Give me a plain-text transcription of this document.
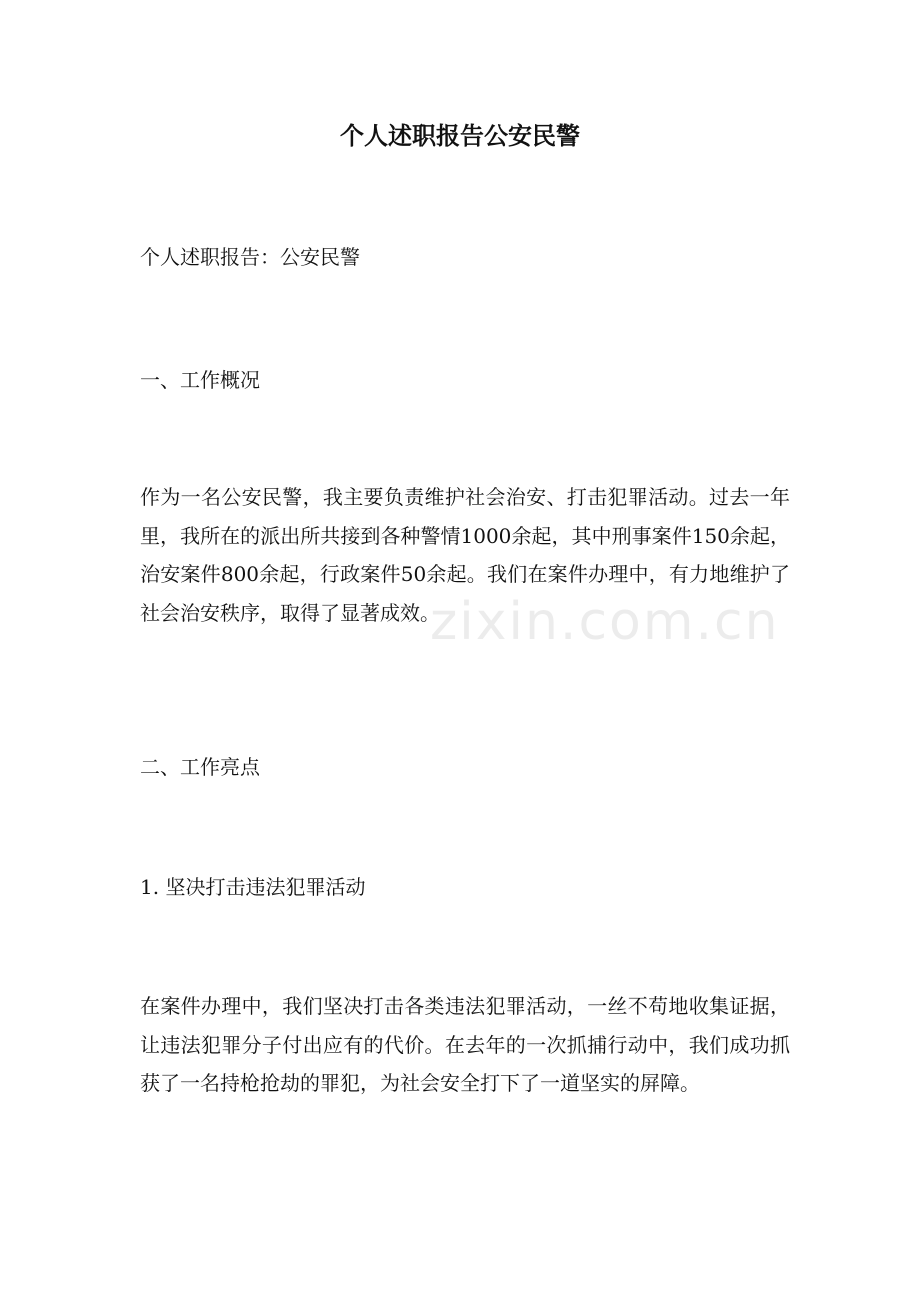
个人述职报告公安民警

个人述职报告：公安民警

一、工作概况

作为一名公安民警，我主要负责维护社会治安、打击犯罪活动。过去一年里，我所在的派出所共接到各种警情1000余起，其中刑事案件150余起，治安案件800余起，行政案件50余起。我们在案件办理中，有力地维护了社会治安秩序，取得了显著成效。

二、工作亮点

1. 坚决打击违法犯罪活动

在案件办理中，我们坚决打击各类违法犯罪活动，一丝不苟地收集证据，让违法犯罪分子付出应有的代价。在去年的一次抓捕行动中，我们成功抓获了一名持枪抢劫的罪犯，为社会安全打下了一道坚实的屏障。

zixin.com.cn
